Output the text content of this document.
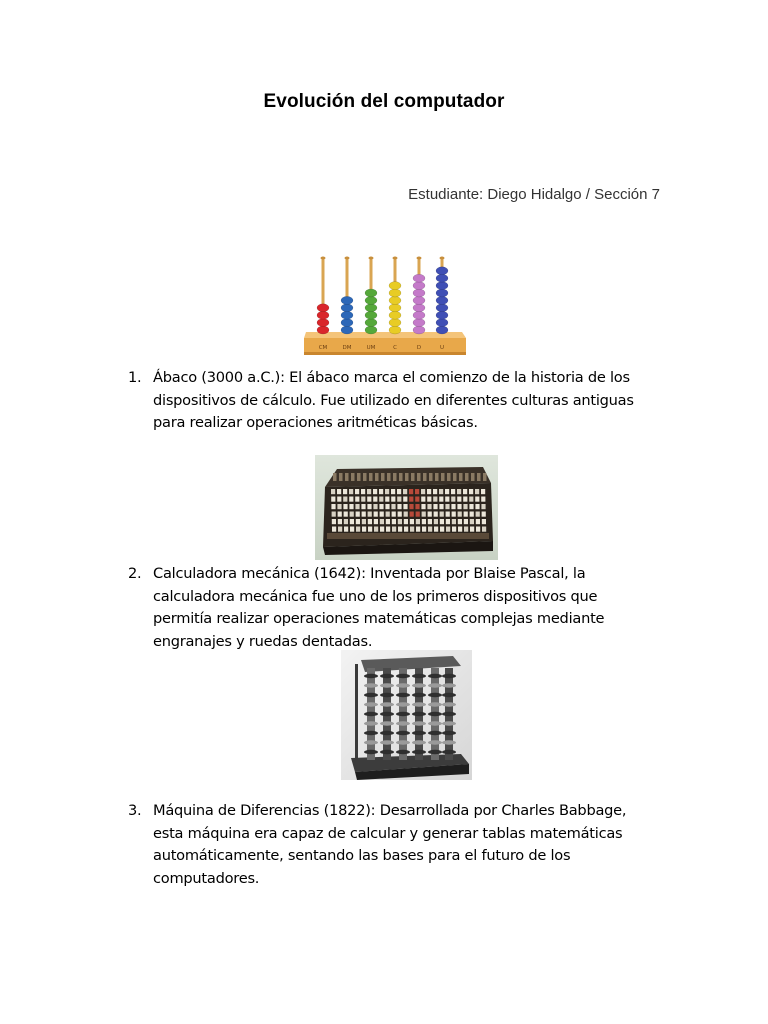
Evolución del computador
Estudiante: Diego Hidalgo / Sección 7
CM	DM	UM	C	D	U
1. Ábaco (3000 a.C.): El ábaco marca el comienzo de la historia de los dispositivos de cálculo. Fue utilizado en diferentes culturas antiguas para realizar operaciones aritméticas básicas.
2. Calculadora mecánica (1642): Inventada por Blaise Pascal, la calculadora mecánica fue uno de los primeros dispositivos que permitía realizar operaciones matemáticas complejas mediante engranajes y ruedas dentadas.
3. Máquina de Diferencias (1822): Desarrollada por Charles Babbage, esta máquina era capaz de calcular y generar tablas matemáticas automáticamente, sentando las bases para el futuro de los computadores.
